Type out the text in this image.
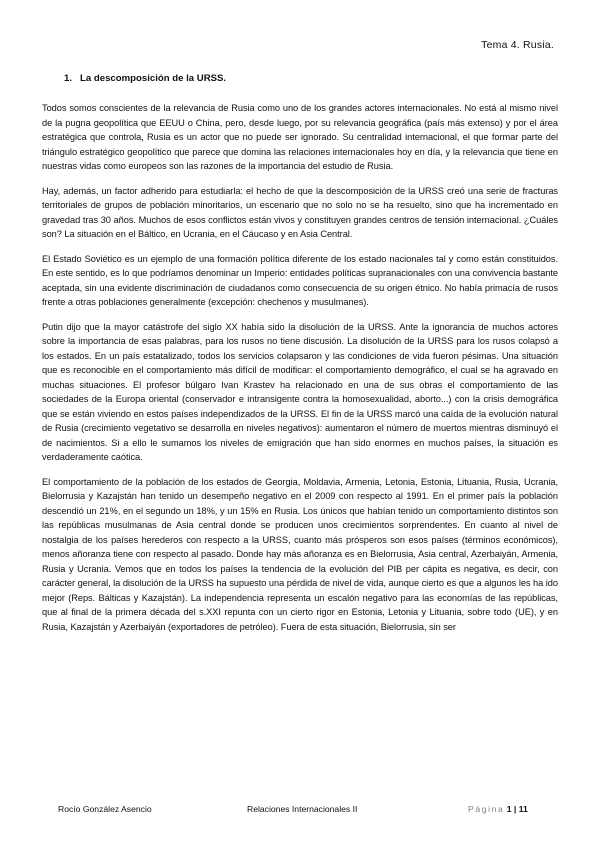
Tema 4. Rusia.
1. La descomposición de la URSS.

Todos somos conscientes de la relevancia de Rusia como uno de los grandes actores internacionales. No está al mismo nivel de la pugna geopolítica que EEUU o China, pero, desde luego, por su relevancia geográfica (país más extenso) y por el área estratégica que controla, Rusia es un actor que no puede ser ignorado. Su centralidad internacional, el que formar parte del triángulo estratégico geopolítico que parece que domina las relaciones internacionales hoy en día, y la relevancia que tiene en nuestras vidas como europeos son las razones de la importancia del estudio de Rusia.

Hay, además, un factor adherido para estudiarla: el hecho de que la descomposición de la URSS creó una serie de fracturas territoriales de grupos de población minoritarios, un escenario que no solo no se ha resuelto, sino que ha incrementado en gravedad tras 30 años. Muchos de esos conflictos están vivos y constituyen grandes centros de tensión internacional. ¿Cuáles son? La situación en el Báltico, en Ucrania, en el Cáucaso y en Asia Central.

El Estado Soviético es un ejemplo de una formación política diferente de los estado nacionales tal y como están constituidos. En este sentido, es lo que podríamos denominar un Imperio: entidades políticas supranacionales con una convivencia bastante aceptada, sin una evidente discriminación de ciudadanos como consecuencia de su origen étnico. No había primacía de rusos frente a otras poblaciones generalmente (excepción: chechenos y musulmanes).

Putin dijo que la mayor catástrofe del siglo XX había sido la disolución de la URSS. Ante la ignorancia de muchos actores sobre la importancia de esas palabras, para los rusos no tiene discusión. La disolución de la URSS para los rusos colapsó a los estados. En un país estatalizado, todos los servicios colapsaron y las condiciones de vida fueron pésimas. Una situación que es reconocible en el comportamiento más difícil de modificar: el comportamiento demográfico, el cual se ha agravado en muchas situaciones. El profesor búlgaro Ivan Krastev ha relacionado en una de sus obras el comportamiento de las sociedades de la Europa oriental (conservador e intransigente contra la homosexualidad, aborto...) con la crisis demográfica que se están viviendo en estos países independizados de la URSS. El fin de la URSS marcó una caída de la evolución natural de Rusia (crecimiento vegetativo se desarrolla en niveles negativos): aumentaron el número de muertos mientras disminuyó el de nacimientos. Si a ello le sumamos los niveles de emigración que han sido enormes en muchos países, la situación es verdaderamente caótica.

El comportamiento de la población de los estados de Georgia, Moldavia, Armenia, Letonia, Estonia, Lituania, Rusia, Ucrania, Bielorrusia y Kazajstán han tenido un desempeño negativo en el 2009 con respecto al 1991. En el primer país la población descendió un 21%, en el segundo un 18%, y un 15% en Rusia. Los únicos que habían tenido un comportamiento distintos son las repúblicas musulmanas de Asia central donde se producen unos crecimientos sorprendentes. En cuanto al nivel de nostalgia de los países herederos con respecto a la URSS, cuanto más prósperos son esos países (términos económicos), menos añoranza tiene con respecto al pasado. Donde hay más añoranza es en Bielorrusia, Asia central, Azerbaiyán, Armenia, Rusia y Ucrania. Vemos que en todos los países la tendencia de la evolución del PIB per cápita es negativa, es decir, con carácter general, la disolución de la URSS ha supuesto una pérdida de nivel de vida, aunque cierto es que a algunos les ha ido mejor (Reps. Bálticas y Kazajstán). La independencia representa un escalón negativo para las economías de las repúblicas, que al final de la primera década del s.XXI repunta con un cierto rigor en Estonia, Letonia y Lituania, sobre todo (UE), y en Rusia, Kazajstán y Azerbaiyán (exportadores de petróleo). Fuera de esta situación, Bielorrusia, sin ser

Rocío González Asencio	Relaciones Internacionales II	Página 1 | 11
